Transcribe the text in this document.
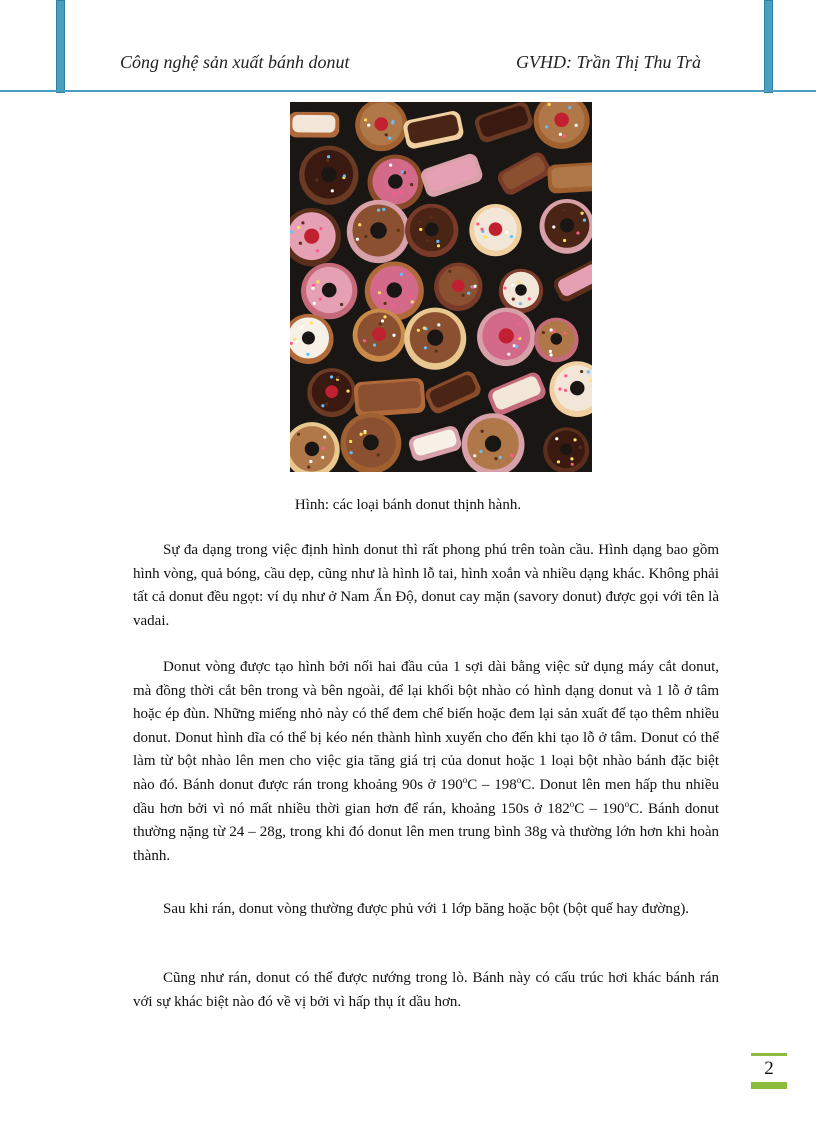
Công nghệ sản xuất bánh donut	GVHD: Trần Thị Thu Trà
Hình: các loại bánh donut thịnh hành.

Sự đa dạng trong việc định hình donut thì rất phong phú trên toàn cầu. Hình dạng bao gồm hình vòng, quả bóng, cầu dẹp, cũng như là hình lỗ tai, hình xoắn và nhiều dạng khác. Không phải tất cả donut đều ngọt: ví dụ như ở Nam Ấn Độ, donut cay mặn (savory donut) được gọi với tên là vadai.

Donut vòng được tạo hình bởi nối hai đầu của 1 sợi dài bằng việc sử dụng máy cắt donut, mà đồng thời cắt bên trong và bên ngoài, để lại khối bột nhào có hình dạng donut và 1 lỗ ở tâm hoặc ép đùn. Những miếng nhỏ này có thể đem chế biến hoặc đem lại sản xuất để tạo thêm nhiều donut. Donut hình dĩa có thể bị kéo nén thành hình xuyến cho đến khi tạo lỗ ở tâm. Donut có thể làm từ bột nhào lên men cho việc gia tăng giá trị của donut hoặc 1 loại bột nhào bánh đặc biệt nào đó. Bánh donut được rán trong khoảng 90s ở 190$^o$C – 198$^o$C. Donut lên men hấp thu nhiều dầu hơn bởi vì nó mất nhiều thời gian hơn để rán, khoảng 150s ở 182$^o$C – 190$^o$C. Bánh donut thường nặng từ 24 – 28g, trong khi đó donut lên men trung bình 38g và thường lớn hơn khi hoàn thành.

Sau khi rán, donut vòng thường được phủ với 1 lớp băng hoặc bột (bột quế hay đường).

Cũng như rán, donut có thể được nướng trong lò. Bánh này có cấu trúc hơi khác bánh rán với sự khác biệt nào đó về vị bởi vì hấp thụ ít dầu hơn.

2
